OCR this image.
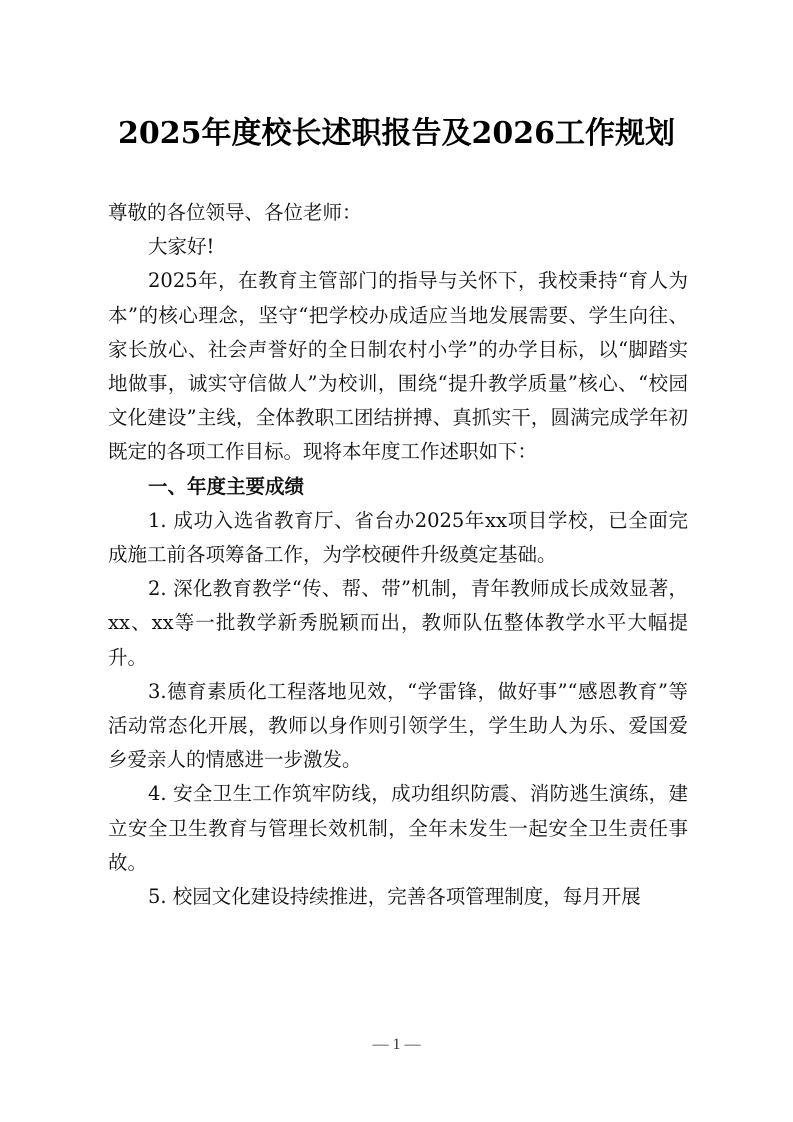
2025年度校长述职报告及2026工作规划

尊敬的各位领导、各位老师：

大家好!

2025年，在教育主管部门的指导与关怀下，我校秉持“育人为本”的核心理念，坚守“把学校办成适应当地发展需要、学生向往、家长放心、社会声誉好的全日制农村小学”的办学目标，以“脚踏实地做事，诚实守信做人”为校训，围绕“提升教学质量”核心、“校园文化建设”主线，全体教职工团结拼搏、真抓实干，圆满完成学年初既定的各项工作目标。现将本年度工作述职如下：

一、年度主要成绩

1. 成功入选省教育厅、省台办2025年xx项目学校，已全面完成施工前各项筹备工作，为学校硬件升级奠定基础。

2. 深化教育教学“传、帮、带”机制，青年教师成长成效显著，xx、xx等一批教学新秀脱颖而出，教师队伍整体教学水平大幅提升。

3.德育素质化工程落地见效，“学雷锋，做好事”“感恩教育”等活动常态化开展，教师以身作则引领学生，学生助人为乐、爱国爱乡爱亲人的情感进一步激发。

4. 安全卫生工作筑牢防线，成功组织防震、消防逃生演练，建立安全卫生教育与管理长效机制，全年未发生一起安全卫生责任事故。

5. 校园文化建设持续推进，完善各项管理制度，每月开展

— 1 —
